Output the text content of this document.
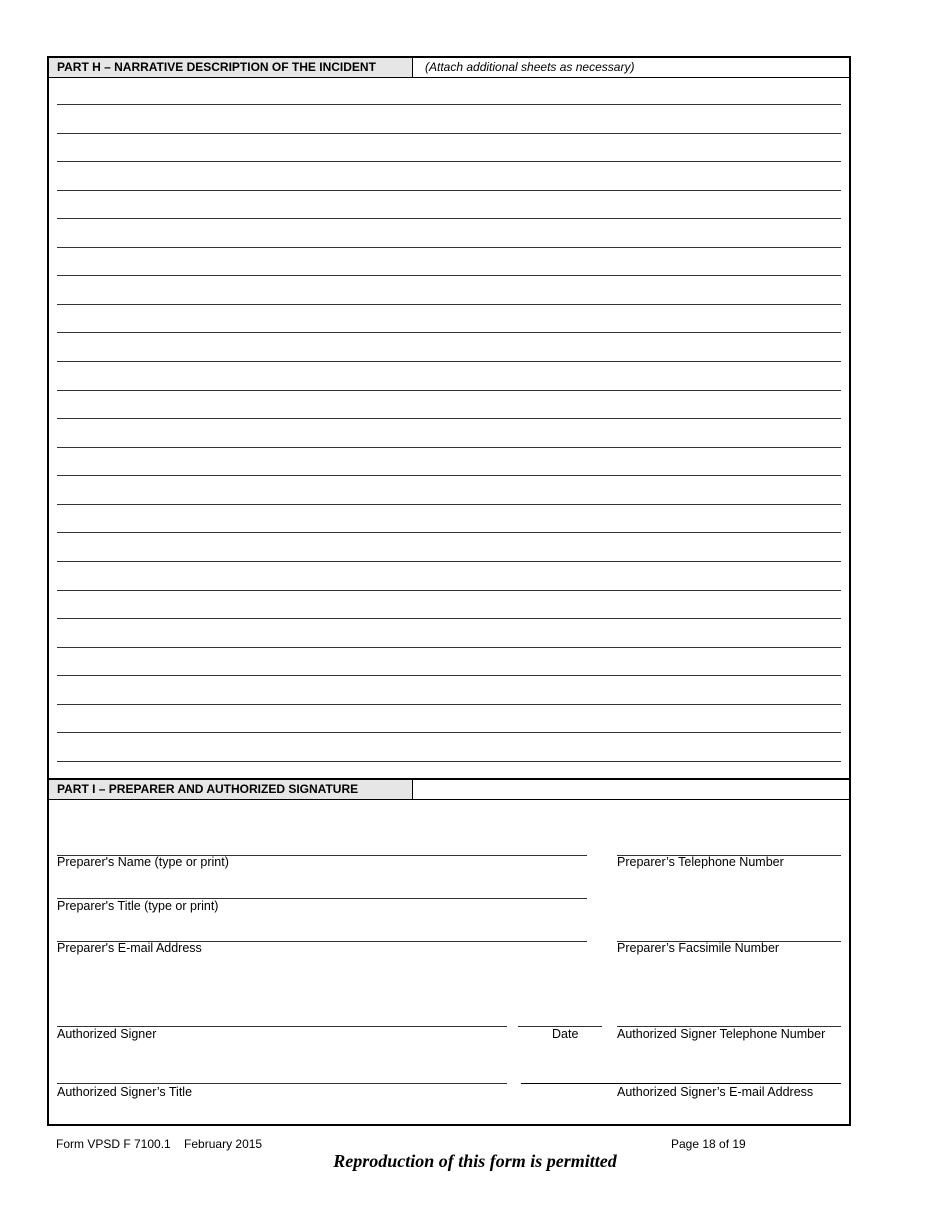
PART H – NARRATIVE DESCRIPTION OF THE INCIDENT	(Attach additional sheets as necessary)
PART I – PREPARER AND AUTHORIZED SIGNATURE
Preparer's Name (type or print)	Preparer’s Telephone Number
Preparer's Title (type or print)
Preparer's E-mail Address	Preparer’s Facsimile Number
Authorized Signer	Date	Authorized Signer Telephone Number
Authorized Signer’s Title	Authorized Signer’s E-mail Address
Form VPSD F 7100.1    February 2015	Page 18 of 19
Reproduction of this form is permitted
